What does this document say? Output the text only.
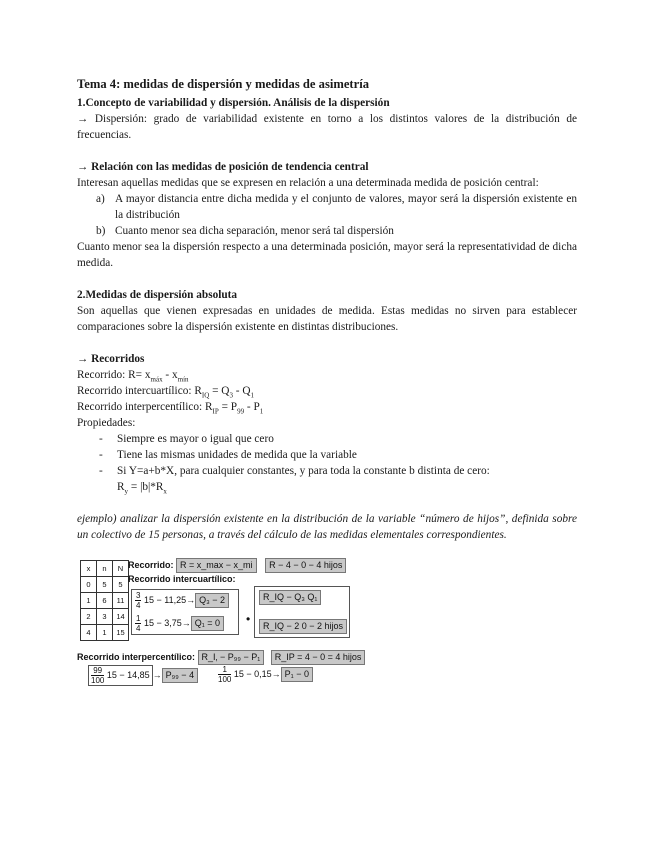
Tema 4: medidas de dispersión y medidas de asimetría
1.Concepto de variabilidad y dispersión. Análisis de la dispersión

→ Dispersión: grado de variabilidad existente en torno a los distintos valores de la distribución de frecuencias.

→ Relación con las medidas de posición de tendencia central

Interesan aquellas medidas que se expresen en relación a una determinada medida de posición central:

a) A mayor distancia entre dicha medida y el conjunto de valores, mayor será la dispersión existente en la distribución
b) Cuanto menor sea dicha separación, menor será tal dispersión

Cuanto menor sea la dispersión respecto a una determinada posición, mayor será la representatividad de dicha medida.

2.Medidas de dispersión absoluta

Son aquellas que vienen expresadas en unidades de medida. Estas medidas no sirven para establecer comparaciones sobre la dispersión existente en distintas distribuciones.

→ Recorridos
Recorrido: $R= x_{máx} - x_{mín}$
Recorrido intercuartílico: $R_{IQ} = Q_3 - Q_1$
Recorrido interpercentílico: $R_{IP} = P_{99} - P_1$
Propiedades:
- Siempre es mayor o igual que cero
- Tiene las mismas unidades de medida que la variable
- Si Y=a+b*X, para cualquier constantes, y para toda la constante b distinta de cero:
$R_y = |b|*R_x$

ejemplo) analizar la dispersión existente en la distribución de la variable “número de hijos”, definida sobre un colectivo de 15 personas, a través del cálculo de las medidas elementales correspondientes.

x	n	N
0	5	5
1	6	11
2	3	14
4	1	15
Recorrido: R = x_max − x_mi R − 4 − 0 − 4 hijos
Recorrido intercuartílico:
$\frac{3}{4} 15 - 11,25\to Q_3 - 2$
$\frac{1}{4} 15 - 3,75\to Q_1 = 0$	•
R_IQ − Q₃ Q₁
R_IQ − 2 0 − 2 hijos
Recorrido interpercentílico: R_I‚ − P₉₉ − P₁ R_IP = 4 − 0 = 4 hijos
$\frac{99}{100} 15 - 14,85 \to P_{99} - 4$	$\frac{1}{100} 15 - 0,15\to P_1 - 0$
